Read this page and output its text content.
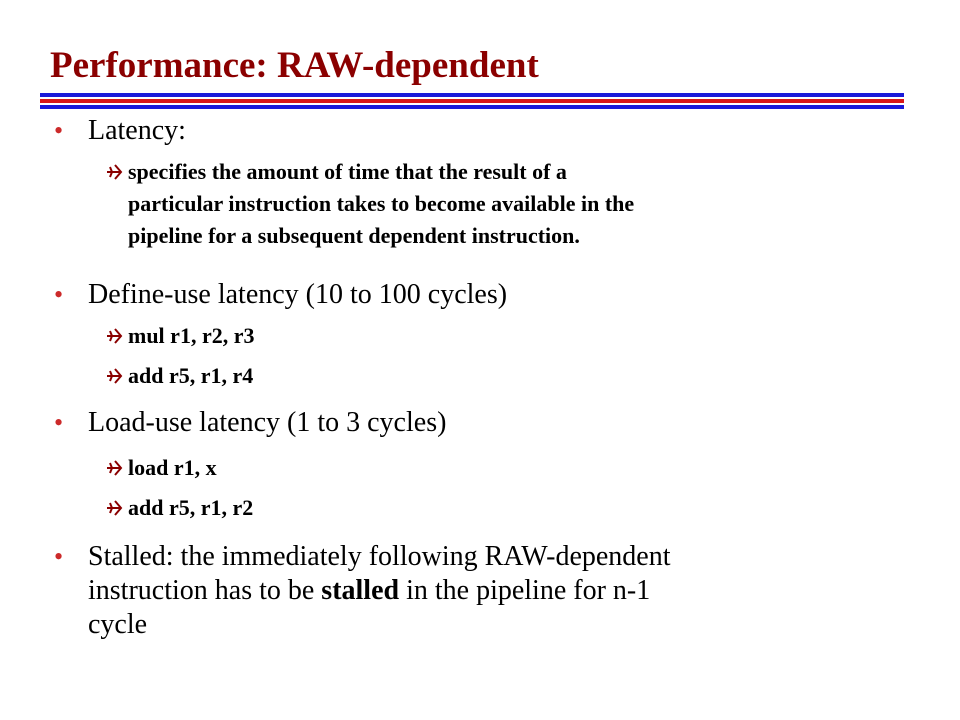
Performance: RAW-dependent
• Latency:
specifies the amount of time that the result of a
particular instruction takes to become available in the
pipeline for a subsequent dependent instruction.
• Define-use latency (10 to 100 cycles)
mul r1, r2, r3
add r5, r1, r4
• Load-use latency (1 to 3 cycles)
load r1, x
add r5, r1, r2
• Stalled: the immediately following RAW-dependent
instruction has to be stalled in the pipeline for n-1
cycle
